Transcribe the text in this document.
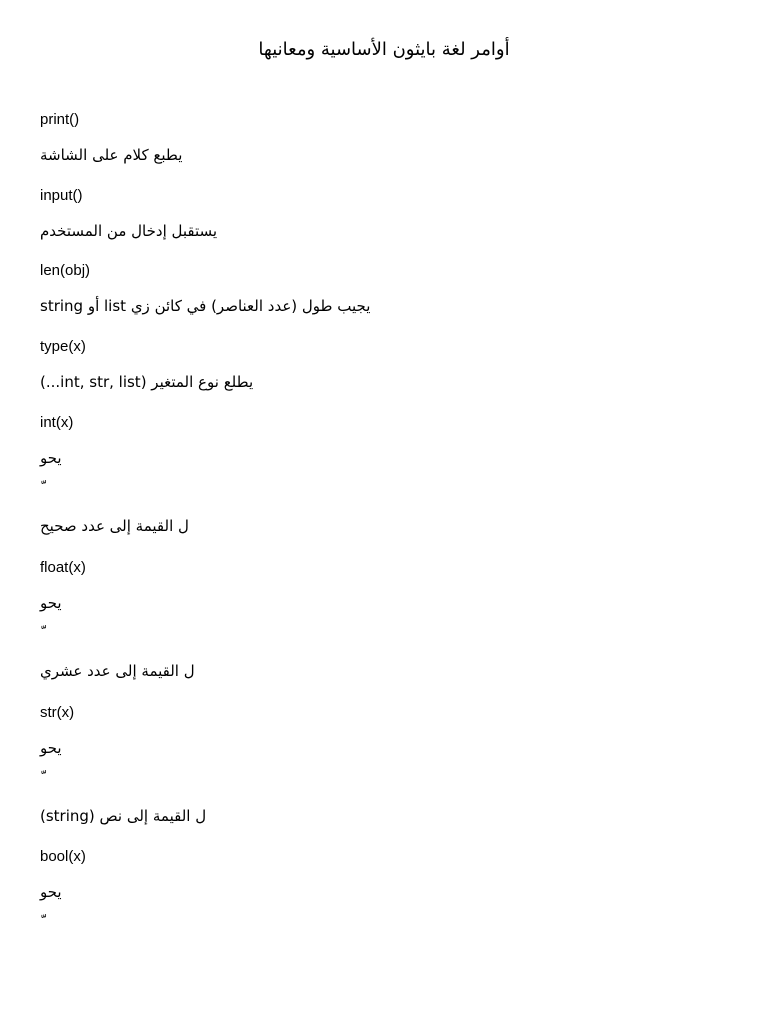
أوامر لغة بايثون الأساسية ومعانيها
print()
يطبع كلام على الشاشة
input()
يستقبل إدخال من المستخدم
len(obj)
يجيب طول (عدد العناصر) في كائن زي list أو string
type(x)
يطلع نوع المتغير (int, str, list...)
int(x)
يحو
ل القيمة إلى عدد صحيح
float(x)
يحو
ل القيمة إلى عدد عشري
str(x)
يحو
ل القيمة إلى نص (string)
bool(x)
يحو
